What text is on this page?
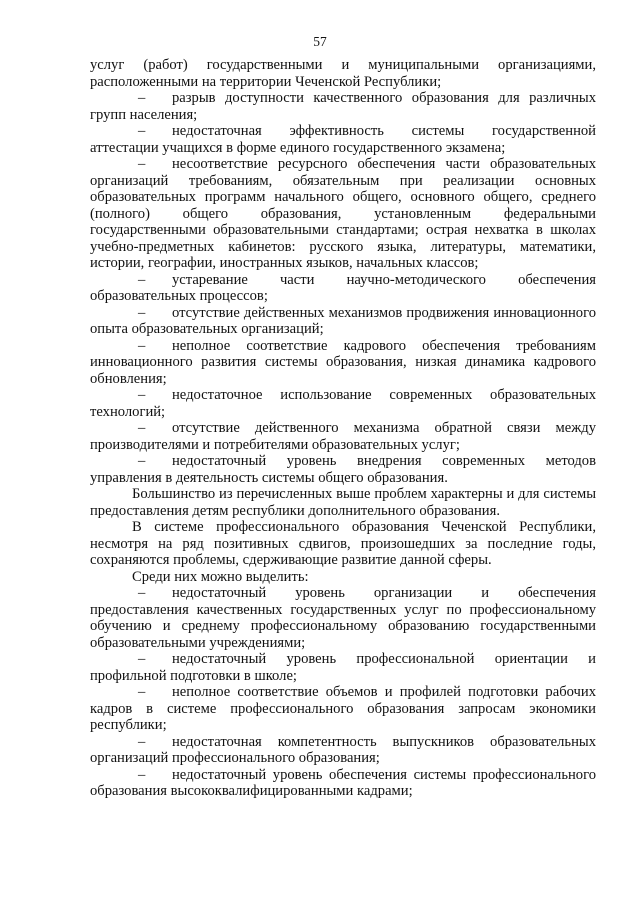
57

услуг (работ) государственными и муниципальными организациями, расположенными на территории Чеченской Республики;

– разрыв доступности качественного образования для различных групп населения;

– недостаточная эффективность системы государственной аттестации учащихся в форме единого государственного экзамена;

– несоответствие ресурсного обеспечения части образовательных организаций требованиям, обязательным при реализации основных образовательных программ начального общего, основного общего, среднего (полного) общего образования, установленным федеральными государственными образовательными стандартами; острая нехватка в школах учебно-предметных кабинетов: русского языка, литературы, математики, истории, географии, иностранных языков, начальных классов;

– устаревание части научно-методического обеспечения образовательных процессов;

– отсутствие действенных механизмов продвижения инновационного опыта образовательных организаций;

– неполное соответствие кадрового обеспечения требованиям инновационного развития системы образования, низкая динамика кадрового обновления;

– недостаточное использование современных образовательных технологий;

– отсутствие действенного механизма обратной связи между производителями и потребителями образовательных услуг;

– недостаточный уровень внедрения современных методов управления в деятельность системы общего образования.

Большинство из перечисленных выше проблем характерны и для системы предоставления детям республики дополнительного образования.

В системе профессионального образования Чеченской Республики, несмотря на ряд позитивных сдвигов, произошедших за последние годы, сохраняются проблемы, сдерживающие развитие данной сферы.

Среди них можно выделить:

– недостаточный уровень организации и обеспечения предоставления качественных государственных услуг по профессиональному обучению и среднему профессиональному образованию государственными образовательными учреждениями;

– недостаточный уровень профессиональной ориентации и профильной подготовки в школе;

– неполное соответствие объемов и профилей подготовки рабочих кадров в системе профессионального образования запросам экономики республики;

– недостаточная компетентность выпускников образовательных организаций профессионального образования;

– недостаточный уровень обеспечения системы профессионального образования высококвалифицированными кадрами;
